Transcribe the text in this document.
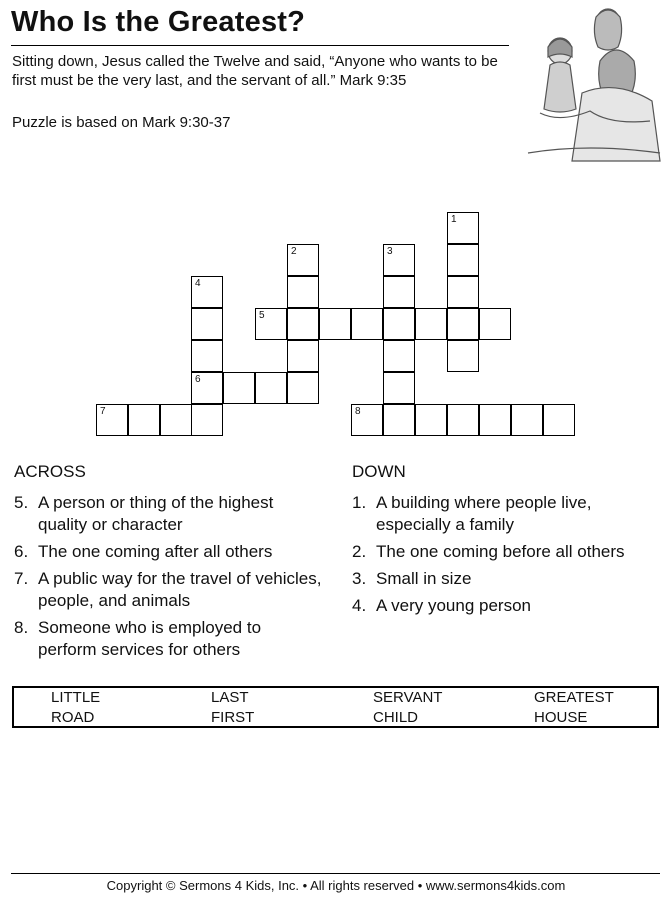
Who Is the Greatest?
Sitting down, Jesus called the Twelve and said, “Anyone who wants to be first must be the very last, and the servant of all.” Mark 9:35
Puzzle is based on Mark 9:30-37
1
2	3
4
5
6
7	8
ACROSS
5. A person or thing of the highest quality or character
6. The one coming after all others
7. A public way for the travel of vehicles, people, and animals
8. Someone who is employed to perform services for others
DOWN
1. A building where people live, especially a family
2. The one coming before all others
3. Small in size
4. A very young person
LITTLE	LAST	SERVANT	GREATEST
ROAD	FIRST	CHILD	HOUSE
Copyright © Sermons 4 Kids, Inc. • All rights reserved • www.sermons4kids.com
